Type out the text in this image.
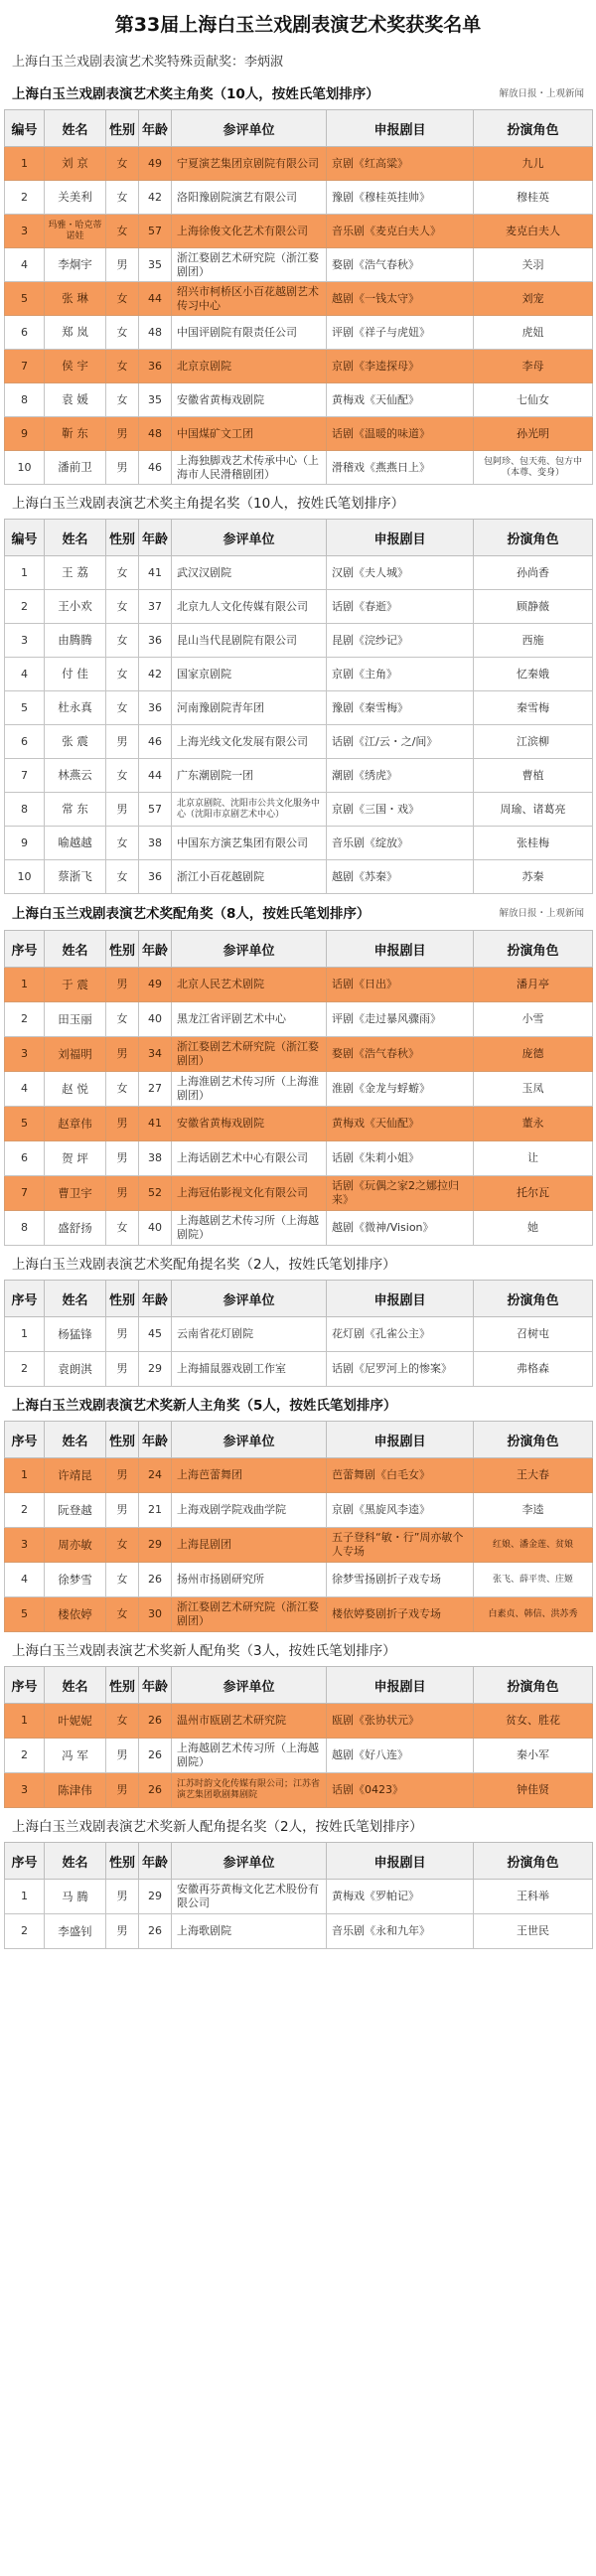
第33届上海白玉兰戏剧表演艺术奖获奖名单
上海白玉兰戏剧表演艺术奖特殊贡献奖：李炳淑
上海白玉兰戏剧表演艺术奖主角奖（10人，按姓氏笔划排序）	解放日报・上观新闻
编号	姓名	性别	年龄	参评单位	申报剧目	扮演角色
1	刘 京	女	49	宁夏演艺集团京剧院有限公司	京剧《红高粱》	九儿
2	关美利	女	42	洛阳豫剧院演艺有限公司	豫剧《穆桂英挂帅》	穆桂英
3	玛雅・哈克蒂诺娃	女	57	上海徐俊文化艺术有限公司	音乐剧《麦克白夫人》	麦克白夫人
4	李炯宇	男	35	浙江婺剧艺术研究院（浙江婺剧团）	婺剧《浩气春秋》	关羽
5	张 琳	女	44	绍兴市柯桥区小百花越剧艺术传习中心	越剧《一钱太守》	刘宠
6	郑 岚	女	48	中国评剧院有限责任公司	评剧《祥子与虎妞》	虎妞
7	侯 宇	女	36	北京京剧院	京剧《李逵探母》	李母
8	袁 媛	女	35	安徽省黄梅戏剧院	黄梅戏《天仙配》	七仙女
9	靳 东	男	48	中国煤矿文工团	话剧《温暖的味道》	孙光明
10	潘前卫	男	46	上海独脚戏艺术传承中心（上海市人民滑稽剧团）	滑稽戏《燕燕日上》	包阿珍、包天苑、包方中（本尊、变身）
上海白玉兰戏剧表演艺术奖主角提名奖（10人，按姓氏笔划排序）
编号	姓名	性别	年龄	参评单位	申报剧目	扮演角色
1	王 荔	女	41	武汉汉剧院	汉剧《夫人城》	孙尚香
2	王小欢	女	37	北京九人文化传媒有限公司	话剧《春逝》	顾静薇
3	由腾腾	女	36	昆山当代昆剧院有限公司	昆剧《浣纱记》	西施
4	付 佳	女	42	国家京剧院	京剧《主角》	忆秦娥
5	杜永真	女	36	河南豫剧院青年团	豫剧《秦雪梅》	秦雪梅
6	张 震	男	46	上海光线文化发展有限公司	话剧《江/云・之/间》	江滨柳
7	林燕云	女	44	广东潮剧院一团	潮剧《绣虎》	曹植
8	常 东	男	57	北京京剧院、沈阳市公共文化服务中心（沈阳市京剧艺术中心）	京剧《三国・戏》	周瑜、诸葛亮
9	喻越越	女	38	中国东方演艺集团有限公司	音乐剧《绽放》	张桂梅
10	蔡浙飞	女	36	浙江小百花越剧院	越剧《苏秦》	苏秦
上海白玉兰戏剧表演艺术奖配角奖（8人，按姓氏笔划排序）	解放日报・上观新闻
序号	姓名	性别	年龄	参评单位	申报剧目	扮演角色
1	于 震	男	49	北京人民艺术剧院	话剧《日出》	潘月亭
2	田玉丽	女	40	黑龙江省评剧艺术中心	评剧《走过暴风骤雨》	小雪
3	刘福明	男	34	浙江婺剧艺术研究院（浙江婺剧团）	婺剧《浩气春秋》	庞德
4	赵 悦	女	27	上海淮剧艺术传习所（上海淮剧团）	淮剧《金龙与蜉蝣》	玉凤
5	赵章伟	男	41	安徽省黄梅戏剧院	黄梅戏《天仙配》	董永
6	贺 坪	男	38	上海话剧艺术中心有限公司	话剧《朱莉小姐》	让
7	曹卫宇	男	52	上海冠佑影视文化有限公司	话剧《玩偶之家2之娜拉归来》	托尔瓦
8	盛舒扬	女	40	上海越剧艺术传习所（上海越剧院）	越剧《微神/Vision》	她
上海白玉兰戏剧表演艺术奖配角提名奖（2人，按姓氏笔划排序）
序号	姓名	性别	年龄	参评单位	申报剧目	扮演角色
1	杨猛锋	男	45	云南省花灯剧院	花灯剧《孔雀公主》	召树屯
2	袁朗淇	男	29	上海捕鼠器戏剧工作室	话剧《尼罗河上的惨案》	弗格森
上海白玉兰戏剧表演艺术奖新人主角奖（5人，按姓氏笔划排序）
序号	姓名	性别	年龄	参评单位	申报剧目	扮演角色
1	许靖昆	男	24	上海芭蕾舞团	芭蕾舞剧《白毛女》	王大春
2	阮登越	男	21	上海戏剧学院戏曲学院	京剧《黑旋风李逵》	李逵
3	周亦敏	女	29	上海昆剧团	五子登科“敏・行”周亦敏个人专场	红娘、潘金莲、贫娘
4	徐梦雪	女	26	扬州市扬剧研究所	徐梦雪扬剧折子戏专场	张飞、薛平贵、庄姬
5	楼依婷	女	30	浙江婺剧艺术研究院（浙江婺剧团）	楼依婷婺剧折子戏专场	白素贞、韩信、洪苏秀
上海白玉兰戏剧表演艺术奖新人配角奖（3人，按姓氏笔划排序）
序号	姓名	性别	年龄	参评单位	申报剧目	扮演角色
1	叶妮妮	女	26	温州市瓯剧艺术研究院	瓯剧《张协状元》	贫女、胜花
2	冯 军	男	26	上海越剧艺术传习所（上海越剧院）	越剧《好八连》	秦小军
3	陈津伟	男	26	江苏时韵文化传媒有限公司；江苏省演艺集团歌剧舞剧院	话剧《0423》	钟佳贤
上海白玉兰戏剧表演艺术奖新人配角提名奖（2人，按姓氏笔划排序）
序号	姓名	性别	年龄	参评单位	申报剧目	扮演角色
1	马 腾	男	29	安徽再芬黄梅文化艺术股份有限公司	黄梅戏《罗帕记》	王科举
2	李盛钊	男	26	上海歌剧院	音乐剧《永和九年》	王世民
